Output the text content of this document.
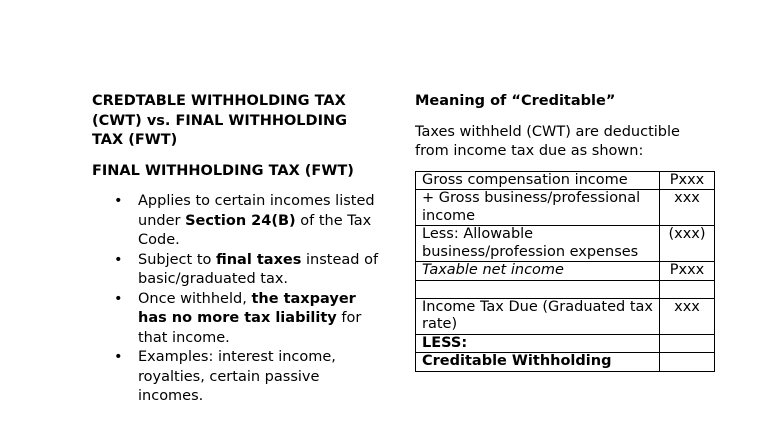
CREDTABLE WITHHOLDING TAX (CWT) vs. FINAL WITHHOLDING TAX (FWT)
FINAL WITHHOLDING TAX (FWT)
• Applies to certain incomes listed under Section 24(B) of the Tax Code.
• Subject to final taxes instead of basic/graduated tax.
• Once withheld, the taxpayer has no more tax liability for that income.
• Examples: interest income, royalties, certain passive incomes.
Meaning of “Creditable”
Taxes withheld (CWT) are deductible from income tax due as shown:
Gross compensation income	Pxxx
+ Gross business/professional income	xxx
Less: Allowable business/profession expenses	(xxx)
Taxable net income	Pxxx

Income Tax Due (Graduated tax rate)	xxx
LESS:	
Creditable Withholding	
